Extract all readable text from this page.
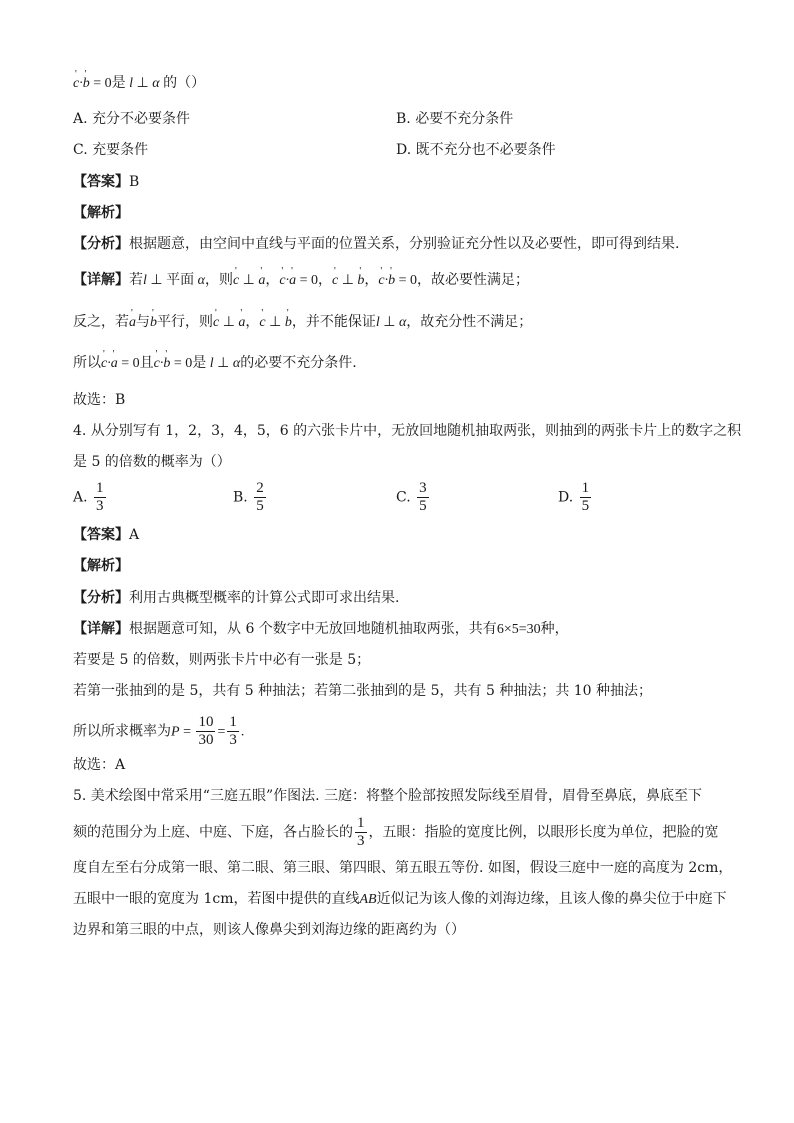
' c·' b = 0是 l ⊥ α 的（）
A. 充分不必要条件	B. 必要不充分条件
C. 充要条件	D. 既不充分也不必要条件
【答案】B
【解析】
【分析】根据题意，由空间中直线与平面的位置关系，分别验证充分性以及必要性，即可得到结果.
【详解】若l ⊥ 平面 α，则' c ⊥ ' a，' c·' a = 0，' c ⊥ ' b，' c·' b = 0，故必要性满足；
反之，若' a与' b平行，则' c ⊥ ' a，' c ⊥ ' b，并不能保证l ⊥ α，故充分性不满足；
所以' c·' a = 0且' c·' b = 0是 l ⊥ α的必要不充分条件.
故选：B
4. 从分别写有 1，2，3，4，5，6 的六张卡片中，无放回地随机抽取两张，则抽到的两张卡片上的数字之积
是 5 的倍数的概率为（）
A. $\frac{1}{3}$	B. $\frac{2}{5}$	C. $\frac{3}{5}$	D. $\frac{1}{5}$
【答案】A
【解析】
【分析】利用古典概型概率的计算公式即可求出结果.
【详解】根据题意可知，从 6 个数字中无放回地随机抽取两张，共有6×5=30种，
若要是 5 的倍数，则两张卡片中必有一张是 5；
若第一张抽到的是 5，共有 5 种抽法；若第二张抽到的是 5，共有 5 种抽法；共 10 种抽法；
所以所求概率为$P = \frac{10}{30} = \frac{1}{3}$ .
故选：A
5. 美术绘图中常采用“三庭五眼”作图法. 三庭：将整个脸部按照发际线至眉骨，眉骨至鼻底，鼻底至下
颏的范围分为上庭、中庭、下庭，各占脸长的 $\frac{1}{3}$ ，五眼：指脸的宽度比例，以眼形长度为单位，把脸的宽
度自左至右分成第一眼、第二眼、第三眼、第四眼、第五眼五等份. 如图，假设三庭中一庭的高度为 2cm，
五眼中一眼的宽度为 1cm，若图中提供的直线AB近似记为该人像的刘海边缘，且该人像的鼻尖位于中庭下
边界和第三眼的中点，则该人像鼻尖到刘海边缘的距离约为（）
